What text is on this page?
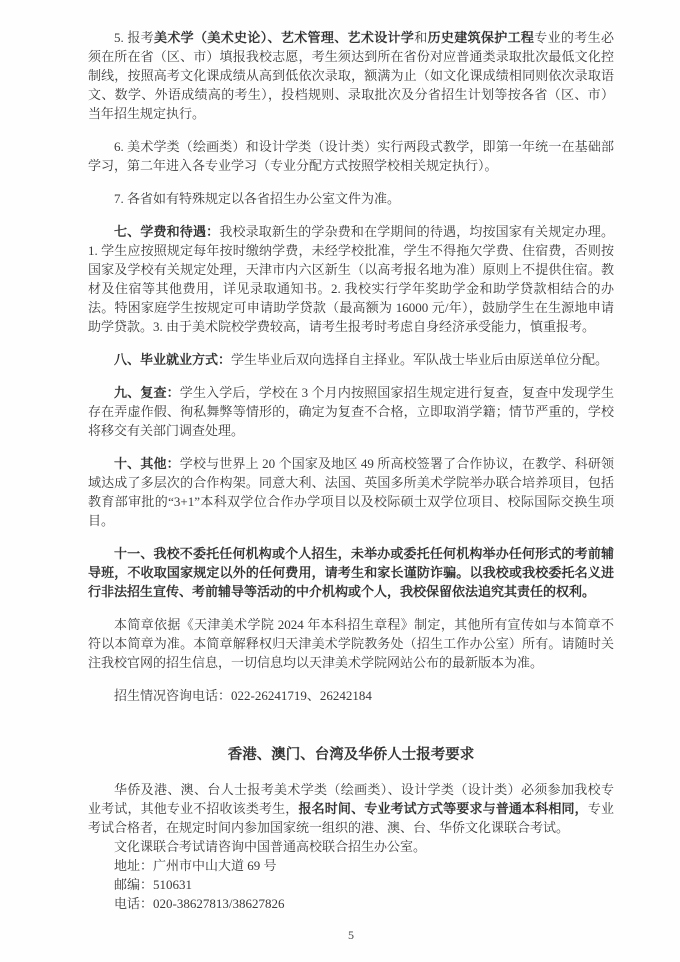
5. 报考美术学（美术史论）、艺术管理、艺术设计学和历史建筑保护工程专业的考生必须在所在省（区、市）填报我校志愿，考生须达到所在省份对应普通类录取批次最低文化控制线，按照高考文化课成绩从高到低依次录取，额满为止（如文化课成绩相同则依次录取语文、数学、外语成绩高的考生），投档规则、录取批次及分省招生计划等按各省（区、市）当年招生规定执行。

6. 美术学类（绘画类）和设计学类（设计类）实行两段式教学，即第一年统一在基础部学习，第二年进入各专业学习（专业分配方式按照学校相关规定执行）。

7. 各省如有特殊规定以各省招生办公室文件为准。

七、学费和待遇：我校录取新生的学杂费和在学期间的待遇，均按国家有关规定办理。1. 学生应按照规定每年按时缴纳学费，未经学校批准，学生不得拖欠学费、住宿费，否则按国家及学校有关规定处理，天津市内六区新生（以高考报名地为准）原则上不提供住宿。教材及住宿等其他费用，详见录取通知书。2. 我校实行学年奖助学金和助学贷款相结合的办法。特困家庭学生按规定可申请助学贷款（最高额为 16000 元/年），鼓励学生在生源地申请助学贷款。3. 由于美术院校学费较高，请考生报考时考虑自身经济承受能力，慎重报考。

八、毕业就业方式：学生毕业后双向选择自主择业。军队战士毕业后由原送单位分配。

九、复查：学生入学后，学校在 3 个月内按照国家招生规定进行复查，复查中发现学生存在弄虚作假、徇私舞弊等情形的，确定为复查不合格，立即取消学籍；情节严重的，学校将移交有关部门调查处理。

十、其他：学校与世界上 20 个国家及地区 49 所高校签署了合作协议，在教学、科研领域达成了多层次的合作构架。同意大利、法国、英国多所美术学院举办联合培养项目，包括教育部审批的“3+1”本科双学位合作办学项目以及校际硕士双学位项目、校际国际交换生项目。

十一、我校不委托任何机构或个人招生，未举办或委托任何机构举办任何形式的考前辅导班，不收取国家规定以外的任何费用，请考生和家长谨防诈骗。以我校或我校委托名义进行非法招生宣传、考前辅导等活动的中介机构或个人，我校保留依法追究其责任的权利。

本简章依据《天津美术学院 2024 年本科招生章程》制定，其他所有宣传如与本简章不符以本简章为准。本简章解释权归天津美术学院教务处（招生工作办公室）所有。请随时关注我校官网的招生信息，一切信息均以天津美术学院网站公布的最新版本为准。

招生情况咨询电话：022-26241719、26242184

香港、澳门、台湾及华侨人士报考要求

华侨及港、澳、台人士报考美术学类（绘画类）、设计学类（设计类）必须参加我校专业考试，其他专业不招收该类考生，报名时间、专业考试方式等要求与普通本科相同，专业考试合格者，在规定时间内参加国家统一组织的港、澳、台、华侨文化课联合考试。

文化课联合考试请咨询中国普通高校联合招生办公室。

地址：广州市中山大道 69 号

邮编：510631

电话：020-38627813/38627826

5
